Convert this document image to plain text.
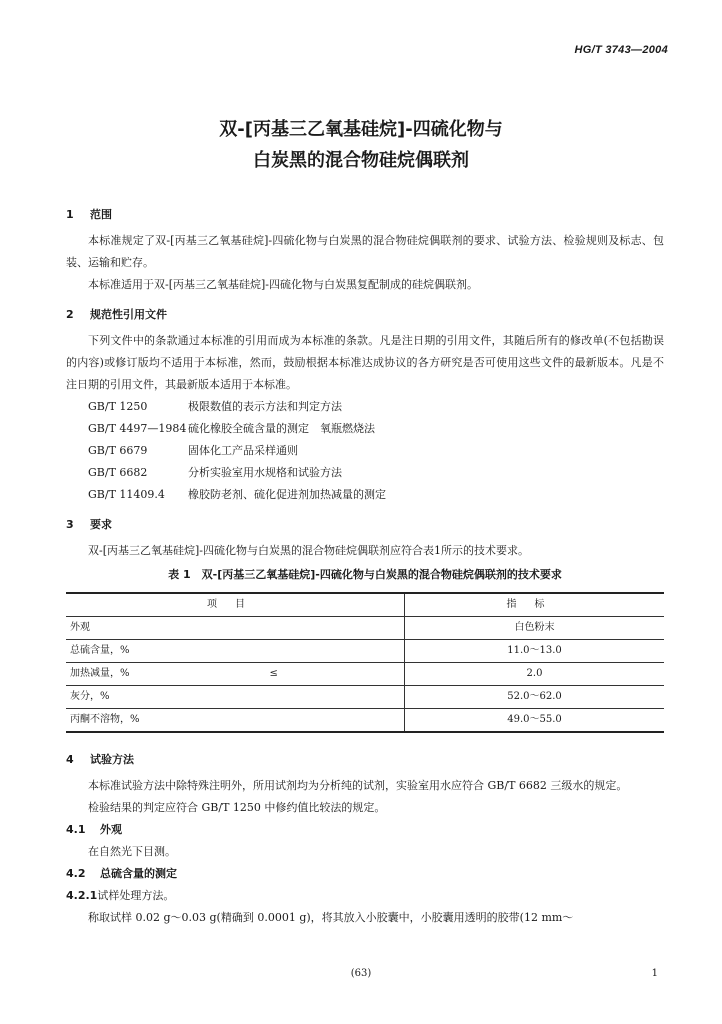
HG/T 3743—2004
双-[丙基三乙氧基硅烷]-四硫化物与
白炭黑的混合物硅烷偶联剂
1 范围

本标准规定了双-[丙基三乙氧基硅烷]-四硫化物与白炭黑的混合物硅烷偶联剂的要求、试验方法、检验规则及标志、包装、运输和贮存。

本标准适用于双-[丙基三乙氧基硅烷]-四硫化物与白炭黑复配制成的硅烷偶联剂。

2 规范性引用文件

下列文件中的条款通过本标准的引用而成为本标准的条款。凡是注日期的引用文件，其随后所有的修改单(不包括勘误的内容)或修订版均不适用于本标准，然而，鼓励根据本标准达成协议的各方研究是否可使用这些文件的最新版本。凡是不注日期的引用文件，其最新版本适用于本标准。

GB/T 1250	极限数值的表示方法和判定方法
GB/T 4497—1984 硫化橡胶全硫含量的测定　氧瓶燃烧法
GB/T 6679	固体化工产品采样通则
GB/T 6682	分析实验室用水规格和试验方法
GB/T 11409.4 橡胶防老剂、硫化促进剂加热减量的测定
3 要求

双-[丙基三乙氧基硅烷]-四硫化物与白炭黑的混合物硅烷偶联剂应符合表1所示的技术要求。

表 1　双-[丙基三乙氧基硅烷]-四硫化物与白炭黑的混合物硅烷偶联剂的技术要求
项目	指标
外观	白色粉末
总硫含量，%	11.0～13.0
加热减量，%　　　　　　　　　　　　　　≤	2.0
灰分，%	52.0～62.0
丙酮不溶物，%	49.0～55.0
4 试验方法

本标准试验方法中除特殊注明外，所用试剂均为分析纯的试剂，实验室用水应符合 GB/T 6682 三级水的规定。

检验结果的判定应符合 GB/T 1250 中修约值比较法的规定。

4.1 外观

在自然光下目测。

4.2 总硫含量的测定
4.2.1试样处理方法。

称取试样 0.02 g～0.03 g(精确到 0.0001 g)，将其放入小胶囊中，小胶囊用透明的胶带(12 mm～

(63)	1
